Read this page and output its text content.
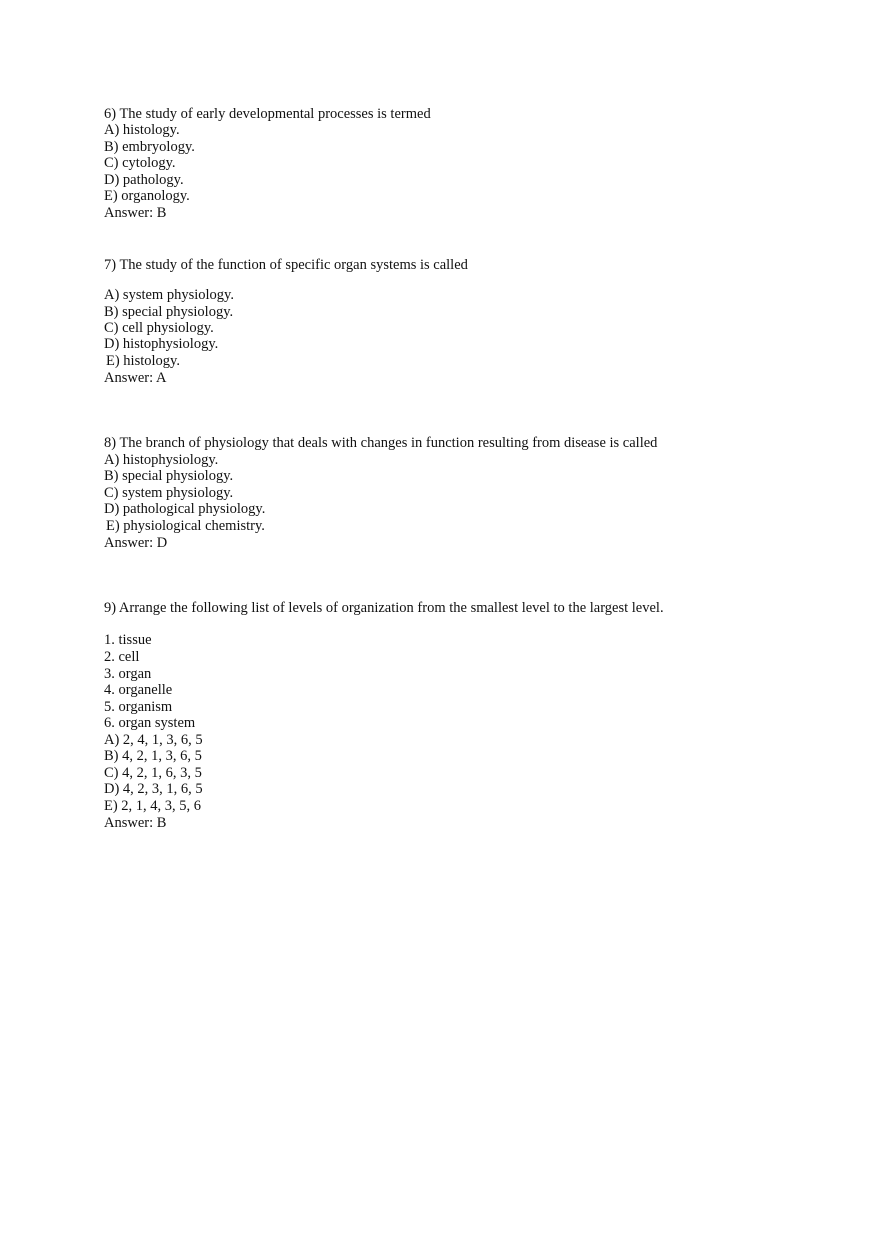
6) The study of early developmental processes is termed
A) histology.
B) embryology.
C) cytology.
D) pathology.
E) organology.
Answer: B
7) The study of the function of specific organ systems is called
A) system physiology.
B) special physiology.
C) cell physiology.
D) histophysiology.
E) histology.
Answer: A
8) The branch of physiology that deals with changes in function resulting from disease is called
A) histophysiology.
B) special physiology.
C) system physiology.
D) pathological physiology.
E) physiological chemistry.
Answer: D
9) Arrange the following list of levels of organization from the smallest level to the largest level.
1. tissue
2. cell
3. organ
4. organelle
5. organism
6. organ system
A) 2, 4, 1, 3, 6, 5
B) 4, 2, 1, 3, 6, 5
C) 4, 2, 1, 6, 3, 5
D) 4, 2, 3, 1, 6, 5
E) 2, 1, 4, 3, 5, 6
Answer: B
